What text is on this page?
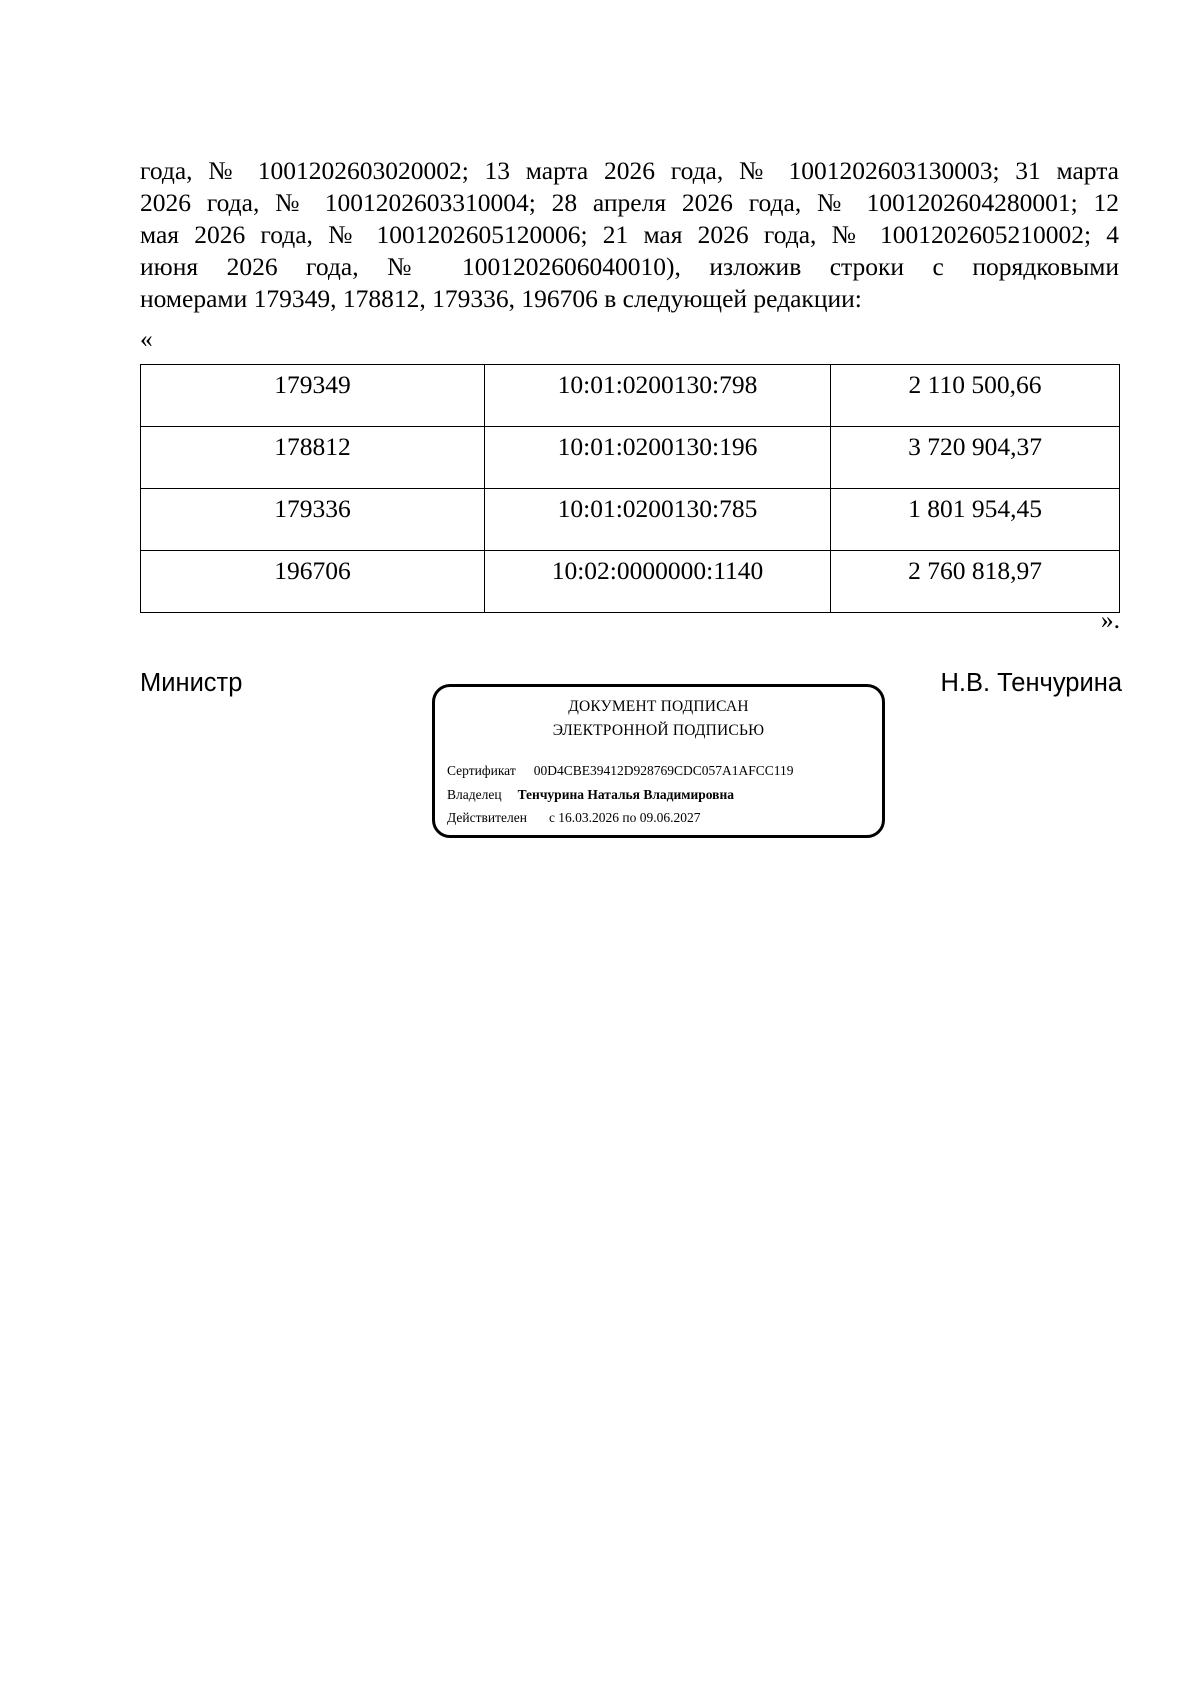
года, № 1001202603020002; 13 марта 2026 года, № 1001202603130003; 31 марта
2026 года, № 1001202603310004; 28 апреля 2026 года, № 1001202604280001; 12
мая 2026 года, № 1001202605120006; 21 мая 2026 года, № 1001202605210002; 4
июня 2026 года, № 1001202606040010), изложив строки с порядковыми
номерами 179349, 178812, 179336, 196706 в следующей редакции:
«
179349	10:01:0200130:798	2 110 500,66
178812	10:01:0200130:196	3 720 904,37
179336	10:01:0200130:785	1 801 954,45
196706	10:02:0000000:1140	2 760 818,97
».
Министр	Н.В. Тенчурина
ДОКУМЕНТ ПОДПИСАН
ЭЛЕКТРОННОЙ ПОДПИСЬЮ
Сертификат 00D4CBE39412D928769CDC057A1AFCC119
Владелец Тенчурина Наталья Владимировна
Действителен с 16.03.2026 по 09.06.2027
